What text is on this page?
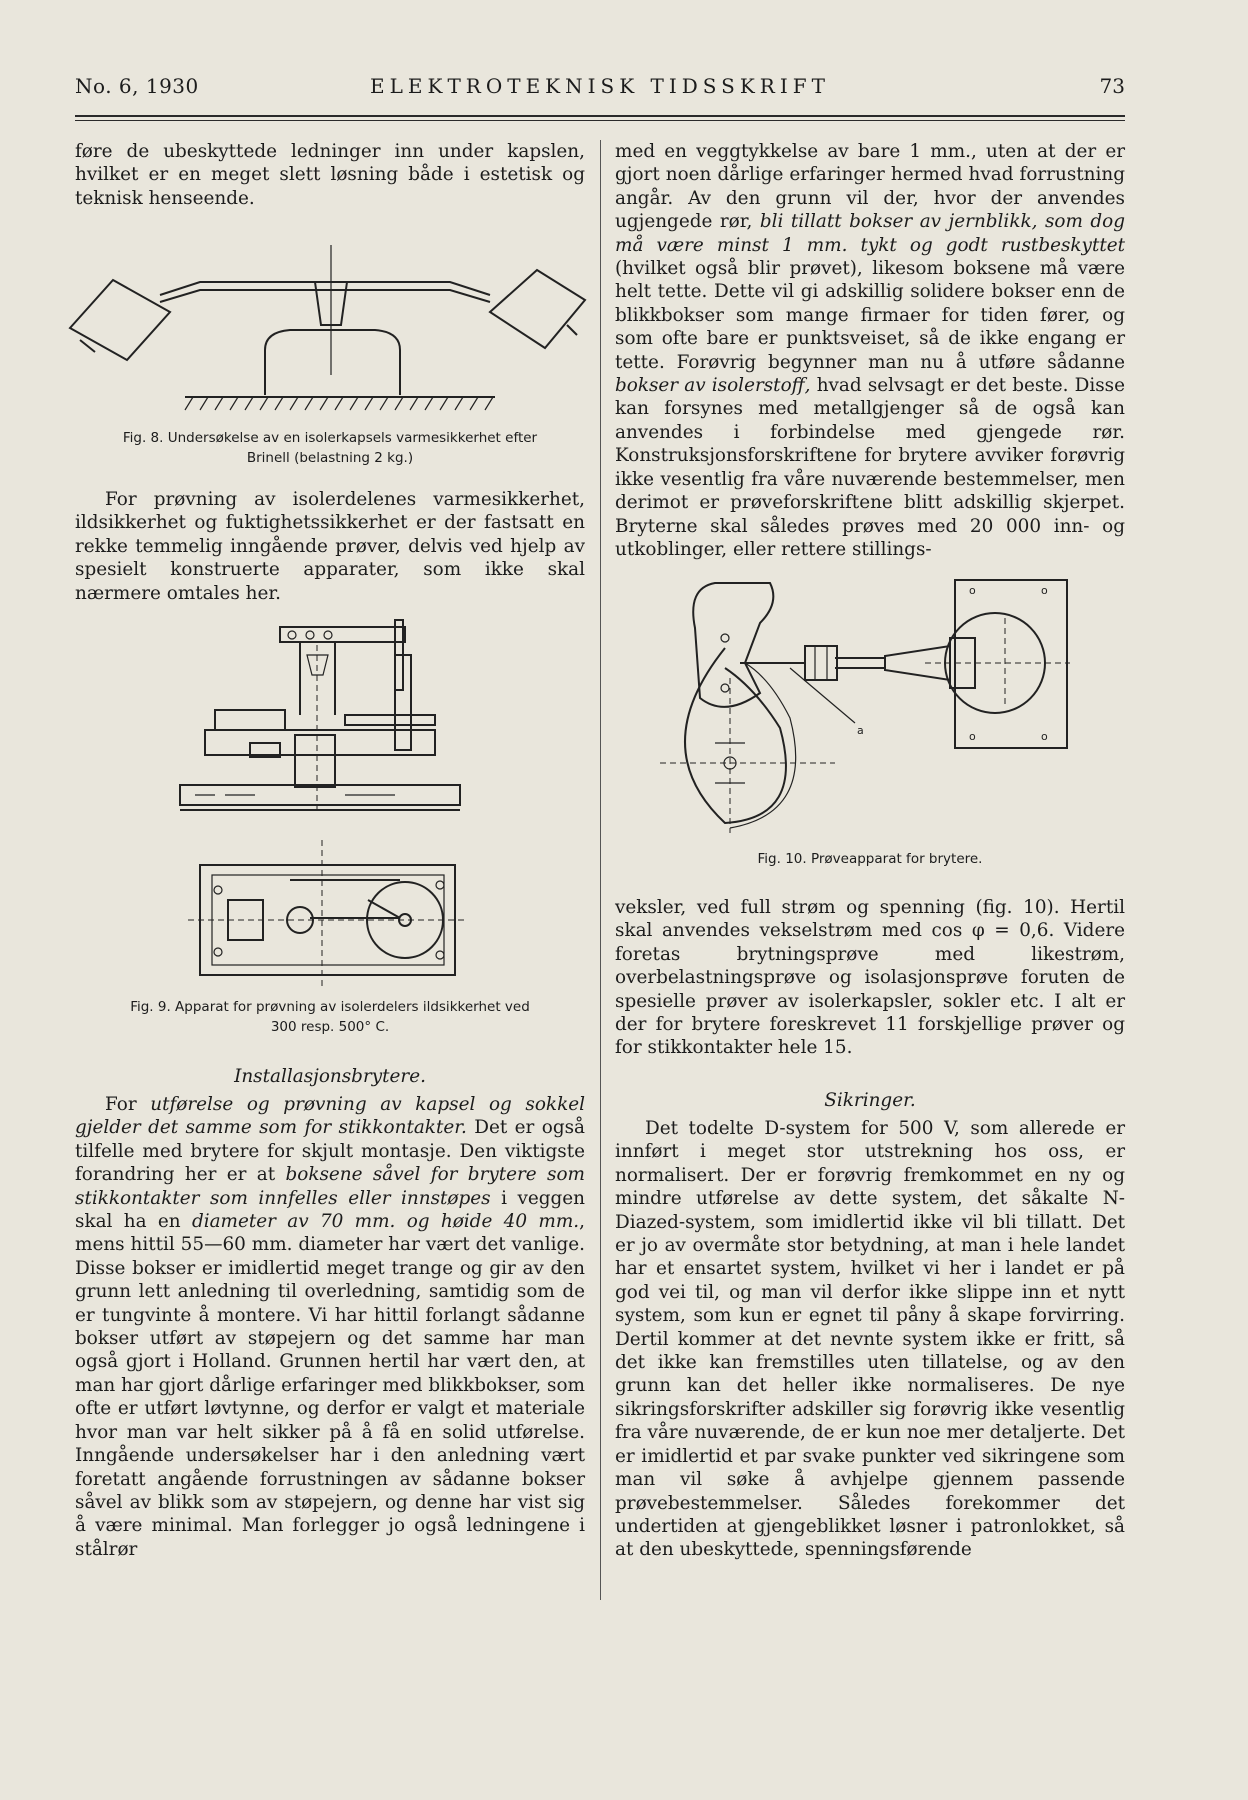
No. 6, 1930	ELEKTROTEKNISK TIDSSKRIFT	73

føre de ubeskyttede ledninger inn under kapslen, hvilket er en meget slett løsning både i estetisk og teknisk henseende.

Fig. 8. Undersøkelse av en isolerkapsels varmesikkerhet efter
Brinell (belastning 2 kg.)

For prøvning av isolerdelenes varmesikkerhet, ildsikkerhet og fuktighetssikkerhet er der fastsatt en rekke temmelig inngående prøver, delvis ved hjelp av spesielt konstruerte apparater, som ikke skal nærmere omtales her.

Fig. 9. Apparat for prøvning av isolerdelers ildsikkerhet ved
300 resp. 500° C.
Installasjonsbrytere.

For utførelse og prøvning av kapsel og sokkel gjelder det samme som for stikkontakter. Det er også tilfelle med brytere for skjult montasje. Den viktigste forandring her er at boksene såvel for brytere som stikkontakter som innfelles eller innstøpes i veggen skal ha en diameter av 70 mm. og høide 40 mm., mens hittil 55—60 mm. diameter har vært det vanlige. Disse bokser er imidlertid meget trange og gir av den grunn lett anledning til overledning, samtidig som de er tungvinte å montere. Vi har hittil forlangt sådanne bokser utført av støpejern og det samme har man også gjort i Holland. Grunnen hertil har vært den, at man har gjort dårlige erfaringer med blikkbokser, som ofte er utført løvtynne, og derfor er valgt et materiale hvor man var helt sikker på å få en solid utførelse. Inngående undersøkelser har i den anledning vært foretatt angående forrustningen av sådanne bokser såvel av blikk som av støpejern, og denne har vist sig å være minimal. Man forlegger jo også ledningene i stålrør

med en veggtykkelse av bare 1 mm., uten at der er gjort noen dårlige erfaringer hermed hvad forrustning angår. Av den grunn vil der, hvor der anvendes ugjengede rør, bli tillatt bokser av jernblikk, som dog må være minst 1 mm. tykt og godt rustbeskyttet (hvilket også blir prøvet), likesom boksene må være helt tette. Dette vil gi adskillig solidere bokser enn de blikkbokser som mange firmaer for tiden fører, og som ofte bare er punktsveiset, så de ikke engang er tette. Forøvrig begynner man nu å utføre sådanne bokser av isolerstoff, hvad selvsagt er det beste. Disse kan forsynes med metallgjenger så de også kan anvendes i forbindelse med gjengede rør. Konstruksjonsforskriftene for brytere avviker forøvrig ikke vesentlig fra våre nuværende bestemmelser, men derimot er prøveforskriftene blitt adskillig skjerpet. Bryterne skal således prøves med 20 000 inn- og utkoblinger, eller rettere stillings-

o	o
o	o
a
Fig. 10. Prøveapparat for brytere.

veksler, ved full strøm og spenning (fig. 10). Hertil skal anvendes vekselstrøm med cos φ = 0,6. Videre foretas brytningsprøve med likestrøm, overbelastningsprøve og isolasjonsprøve foruten de spesielle prøver av isolerkapsler, sokler etc. I alt er der for brytere foreskrevet 11 forskjellige prøver og for stikkontakter hele 15.

Sikringer.

Det todelte D-system for 500 V, som allerede er innført i meget stor utstrekning hos oss, er normalisert. Der er forøvrig fremkommet en ny og mindre utførelse av dette system, det såkalte N-Diazed-system, som imidlertid ikke vil bli tillatt. Det er jo av overmåte stor betydning, at man i hele landet har et ensartet system, hvilket vi her i landet er på god vei til, og man vil derfor ikke slippe inn et nytt system, som kun er egnet til påny å skape forvirring. Dertil kommer at det nevnte system ikke er fritt, så det ikke kan fremstilles uten tillatelse, og av den grunn kan det heller ikke normaliseres. De nye sikringsforskrifter adskiller sig forøvrig ikke vesentlig fra våre nuværende, de er kun noe mer detaljerte. Det er imidlertid et par svake punkter ved sikringene som man vil søke å avhjelpe gjennem passende prøvebestemmelser. Således forekommer det undertiden at gjengeblikket løsner i patronlokket, så at den ubeskyttede, spenningsførende
